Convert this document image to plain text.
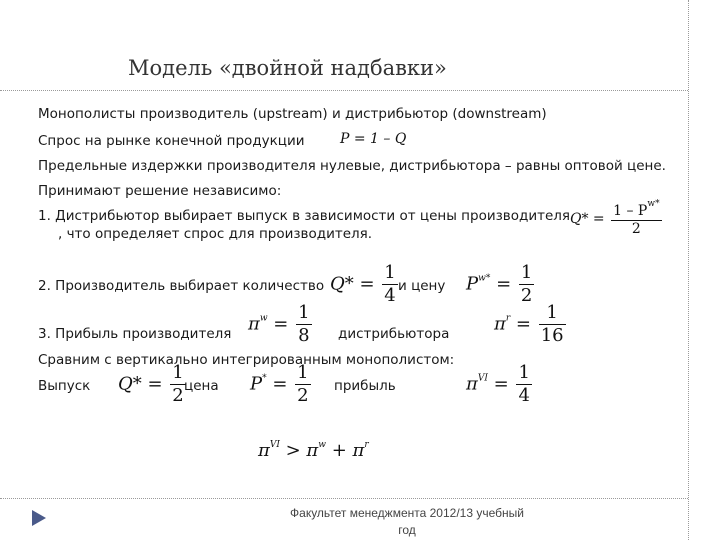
Модель «двойной надбавки»
Монополисты производитель (upstream) и дистрибьютор (downstream)
Спрос на рынке конечной продукции	P = 1 – Q
Предельные издержки производителя нулевые, дистрибьютора – равны оптовой цене.
Принимают решение независимо:
1. Дистрибьютор выбирает выпуск в зависимости от цены производителя
, что определяет спрос для производителя.
$Q* = \frac{1 - P^{w*}}{2}$
2. Производитель выбирает количество $Q* = \frac{1}{4}$ и цену $P^{w*} = \frac{1}{2}$
3. Прибыль производителя $\pi^w = \frac{1}{8}$ дистрибьютора $\pi^r = \frac{1}{16}$
Сравним с вертикально интегрированным монополистом:
Выпуск $Q* = \frac{1}{2}$
цена $P^* = \frac{1}{2}$ прибыль	$\pi^{VI} = \frac{1}{4}$
$\pi^{VI} > \pi^w + \pi^r$
Факультет менеджмента 2012/13 учебный год
